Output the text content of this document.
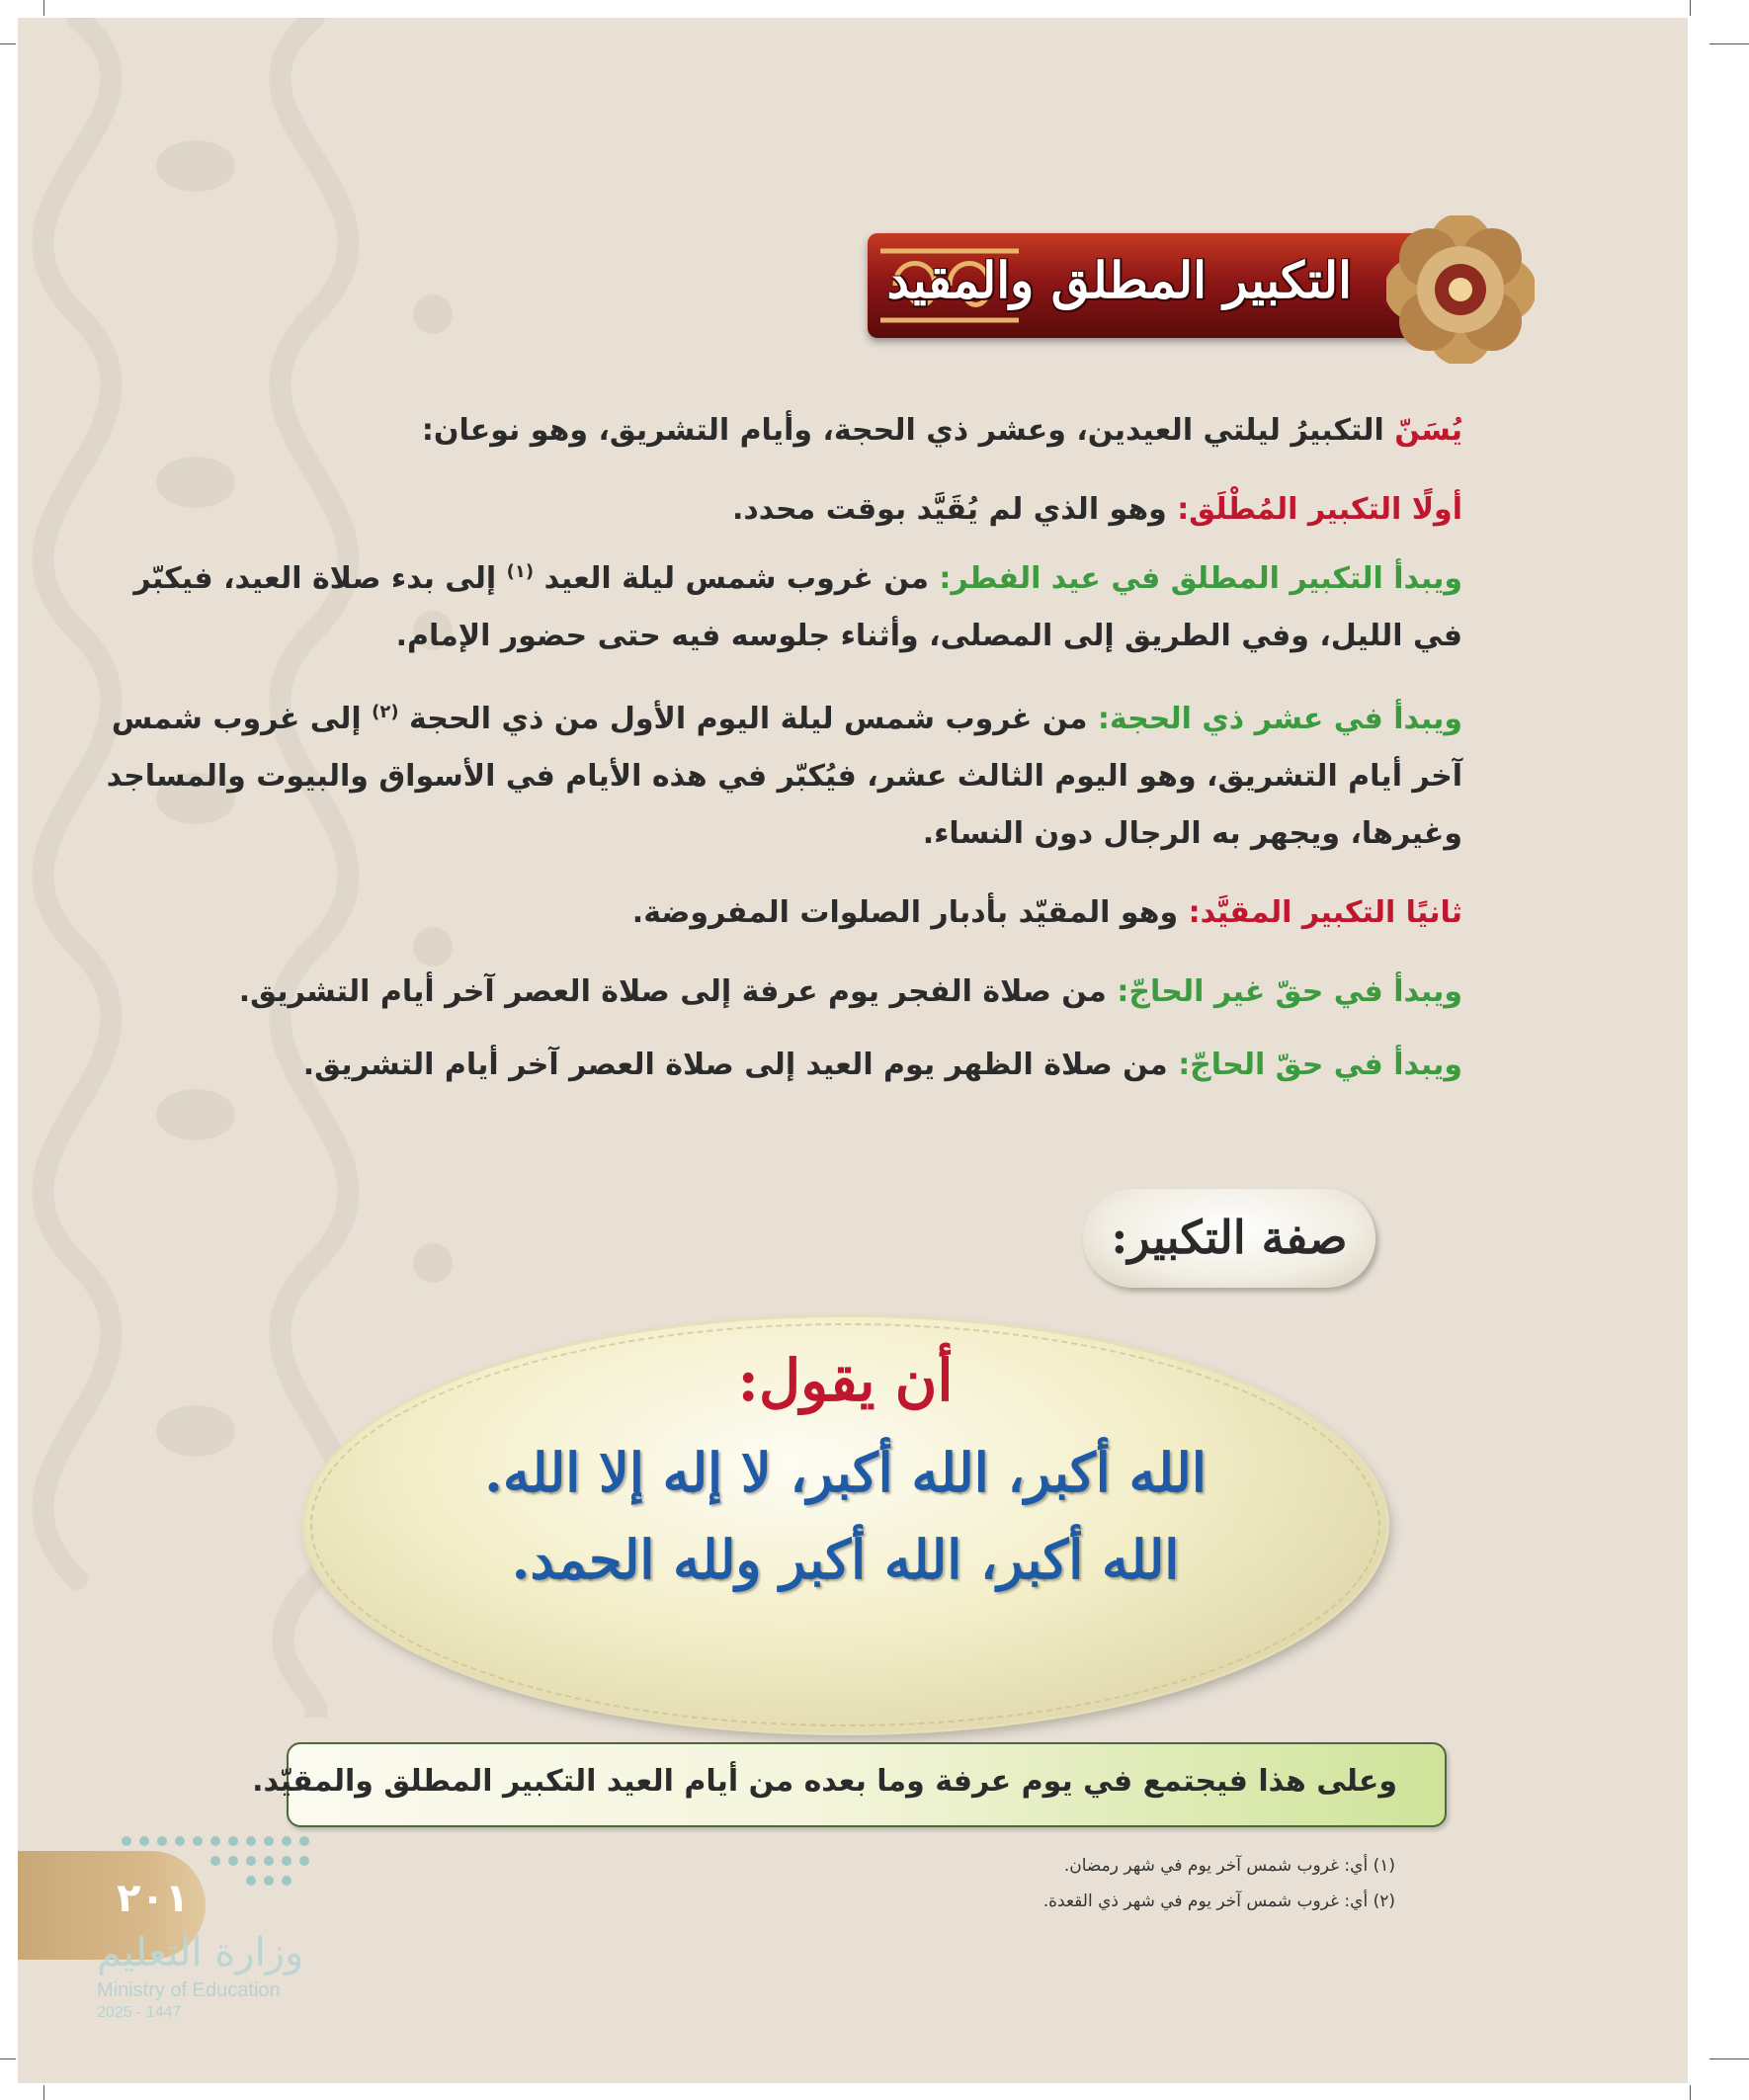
التكبير المطلق والمقيد
يُسَنّ التكبيرُ ليلتي العيدين، وعشر ذي الحجة، وأيام التشريق، وهو نوعان:
أولًا التكبير المُطْلَق: وهو الذي لم يُقَيَّد بوقت محدد.
ويبدأ التكبير المطلق في عيد الفطر: من غروب شمس ليلة العيد $^{(١)}$ إلى بدء صلاة العيد، فيكبّر
في الليل، وفي الطريق إلى المصلى، وأثناء جلوسه فيه حتى حضور الإمام.
ويبدأ في عشر ذي الحجة: من غروب شمس ليلة اليوم الأول من ذي الحجة $^{(٢)}$ إلى غروب شمس
آخر أيام التشريق، وهو اليوم الثالث عشر، فيُكبّر في هذه الأيام في الأسواق والبيوت والمساجد
وغيرها، ويجهر به الرجال دون النساء.
ثانيًا التكبير المقيَّد: وهو المقيّد بأدبار الصلوات المفروضة.
ويبدأ في حقّ غير الحاجّ: من صلاة الفجر يوم عرفة إلى صلاة العصر آخر أيام التشريق.
ويبدأ في حقّ الحاجّ: من صلاة الظهر يوم العيد إلى صلاة العصر آخر أيام التشريق.
صفة التكبير:
أن يقول:
الله أكبر، الله أكبر، لا إله إلا الله.
الله أكبر، الله أكبر ولله الحمد.
وعلى هذا فيجتمع في يوم عرفة وما بعده من أيام العيد التكبير المطلق والمقيّد.
(١) أي: غروب شمس آخر يوم في شهر رمضان.
(٢) أي: غروب شمس آخر يوم في شهر ذي القعدة.
٢٠١
وزارة التعليم
Ministry of Education
2025 - 1447
